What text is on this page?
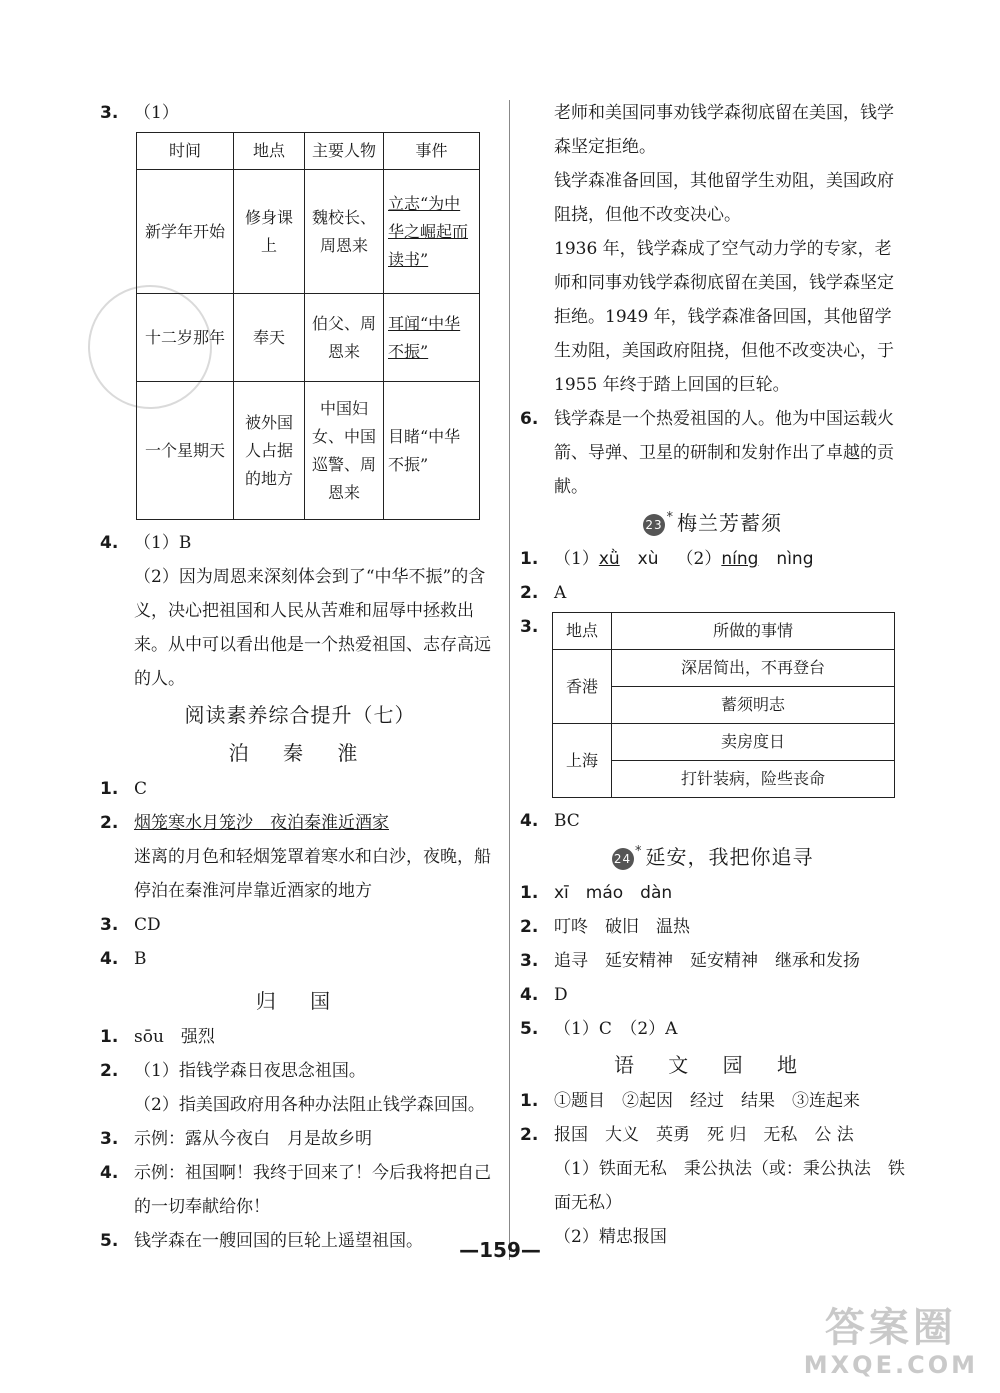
3. （1）
时间	地点	主要人物	事件
新学年开始	修身课上	魏校长、周恩来	立志“为中华之崛起而读书”
十二岁那年	奉天	伯父、周恩来	耳闻“中华不振”
一个星期天	被外国人占据的地方	中国妇女、中国巡警、周恩来	目睹“中华不振”
4. （1）B
（2）因为周恩来深刻体会到了“中华不振”的含义，决心把祖国和人民从苦难和屈辱中拯救出来。从中可以看出他是一个热爱祖国、志存高远的人。
阅读素养综合提升（七）
泊 秦 淮
1. C
2. 烟笼寒水月笼沙　夜泊秦淮近酒家
迷离的月色和轻烟笼罩着寒水和白沙，夜晚，船停泊在秦淮河岸靠近酒家的地方
3. CD
4. B
归 国
1. sōu　强烈
2. （1）指钱学森日夜思念祖国。
（2）指美国政府用各种办法阻止钱学森回国。
3. 示例：露从今夜白　月是故乡明
4. 示例：祖国啊！我终于回来了！今后我将把自己的一切奉献给你！
5. 钱学森在一艘回国的巨轮上遥望祖国。
老师和美国同事劝钱学森彻底留在美国，钱学森坚定拒绝。
钱学森准备回国，其他留学生劝阻，美国政府阻挠，但他不改变决心。
1936 年，钱学森成了空气动力学的专家，老师和同事劝钱学森彻底留在美国，钱学森坚定拒绝。1949 年，钱学森准备回国，其他留学生劝阻，美国政府阻挠，但他不改变决心，于 1955 年终于踏上回国的巨轮。
6. 钱学森是一个热爱祖国的人。他为中国运载火箭、导弹、卫星的研制和发射作出了卓越的贡献。
23 * 梅兰芳蓄须
1. （1）xǜ xù （2）níng nìng
2. A
3.	地点	所做的事情
香港	深居简出，不再登台
	蓄须明志
上海	卖房度日
	打针装病，险些丧命
4. BC
24 * 延安，我把你追寻
1. xī　máo　dàn
2. 叮咚　破旧　温热
3. 追寻　延安精神　延安精神　继承和发扬
4. D
5. （1）C　（2）A
语 文 园 地
1. ①题目　②起因　经过　结果　③连起来
2. 报国　大义　英勇　死 归　无私　公 法
（1）铁面无私　秉公执法（或：秉公执法　铁面无私）
（2）精忠报国
—159—
答案圈
MXQE.COM
